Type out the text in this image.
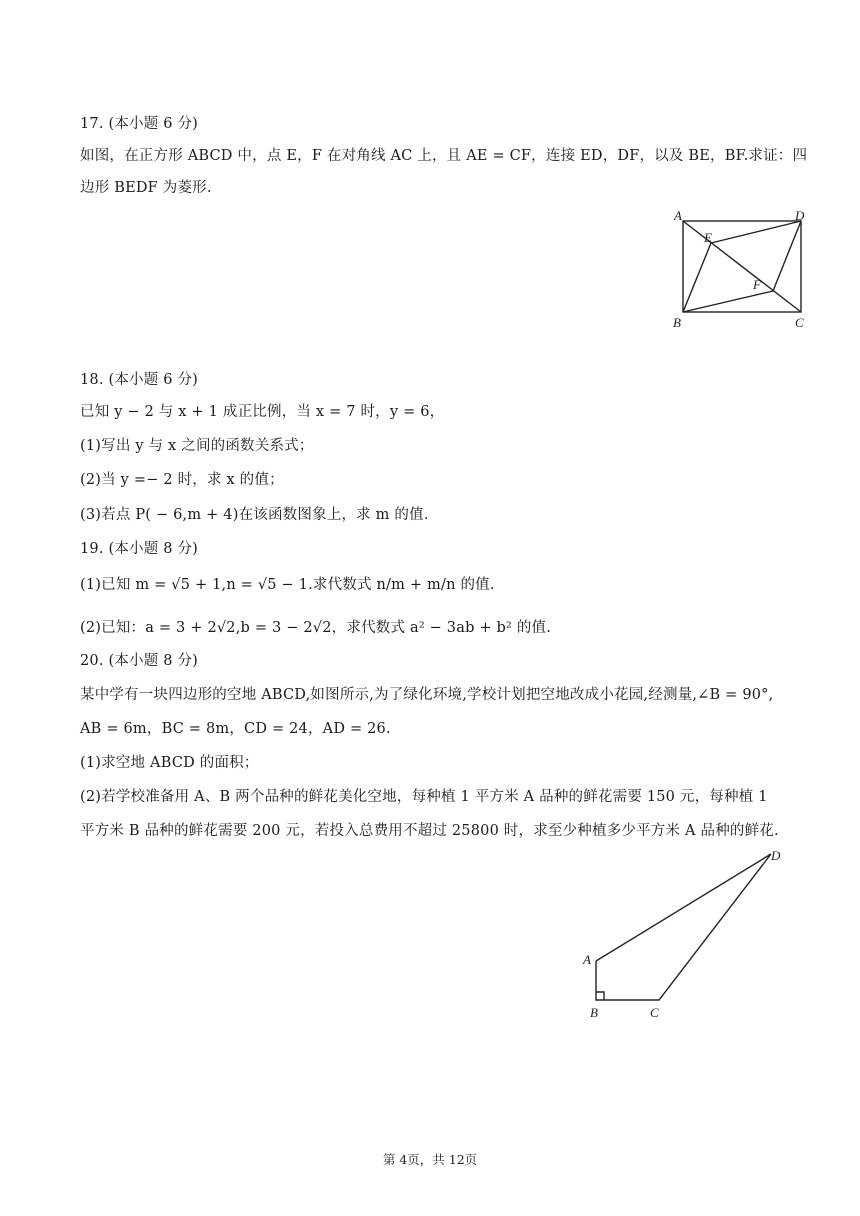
17. (本小题 6 分)
如图，在正方形 ABCD 中，点 E，F 在对角线 AC 上，且 AE = CF，连接 ED，DF，以及 BE，BF.求证：四
边形 BEDF 为菱形.
A	D
E
F
B	C
18. (本小题 6 分)
已知 y − 2 与 x + 1 成正比例，当 x = 7 时，y = 6，
(1)写出 y 与 x 之间的函数关系式；
(2)当 y =− 2 时，求 x 的值；
(3)若点 P( − 6,m + 4)在该函数图象上，求 m 的值.
19. (本小题 8 分)
(1)已知 m = √5 + 1,n = √5 − 1.求代数式 n/m + m/n 的值.
(2)已知：a = 3 + 2√2,b = 3 − 2√2，求代数式 a² − 3ab + b² 的值.
20. (本小题 8 分)
某中学有一块四边形的空地 ABCD,如图所示,为了绿化环境,学校计划把空地改成小花园,经测量,∠B = 90°,
AB = 6m，BC = 8m，CD = 24，AD = 26.
(1)求空地 ABCD 的面积；
(2)若学校准备用 A、B 两个品种的鲜花美化空地，每种植 1 平方米 A 品种的鲜花需要 150 元，每种植 1
平方米 B 品种的鲜花需要 200 元，若投入总费用不超过 25800 时，求至少种植多少平方米 A 品种的鲜花.
A
B	C
D
第 4页，共 12页
